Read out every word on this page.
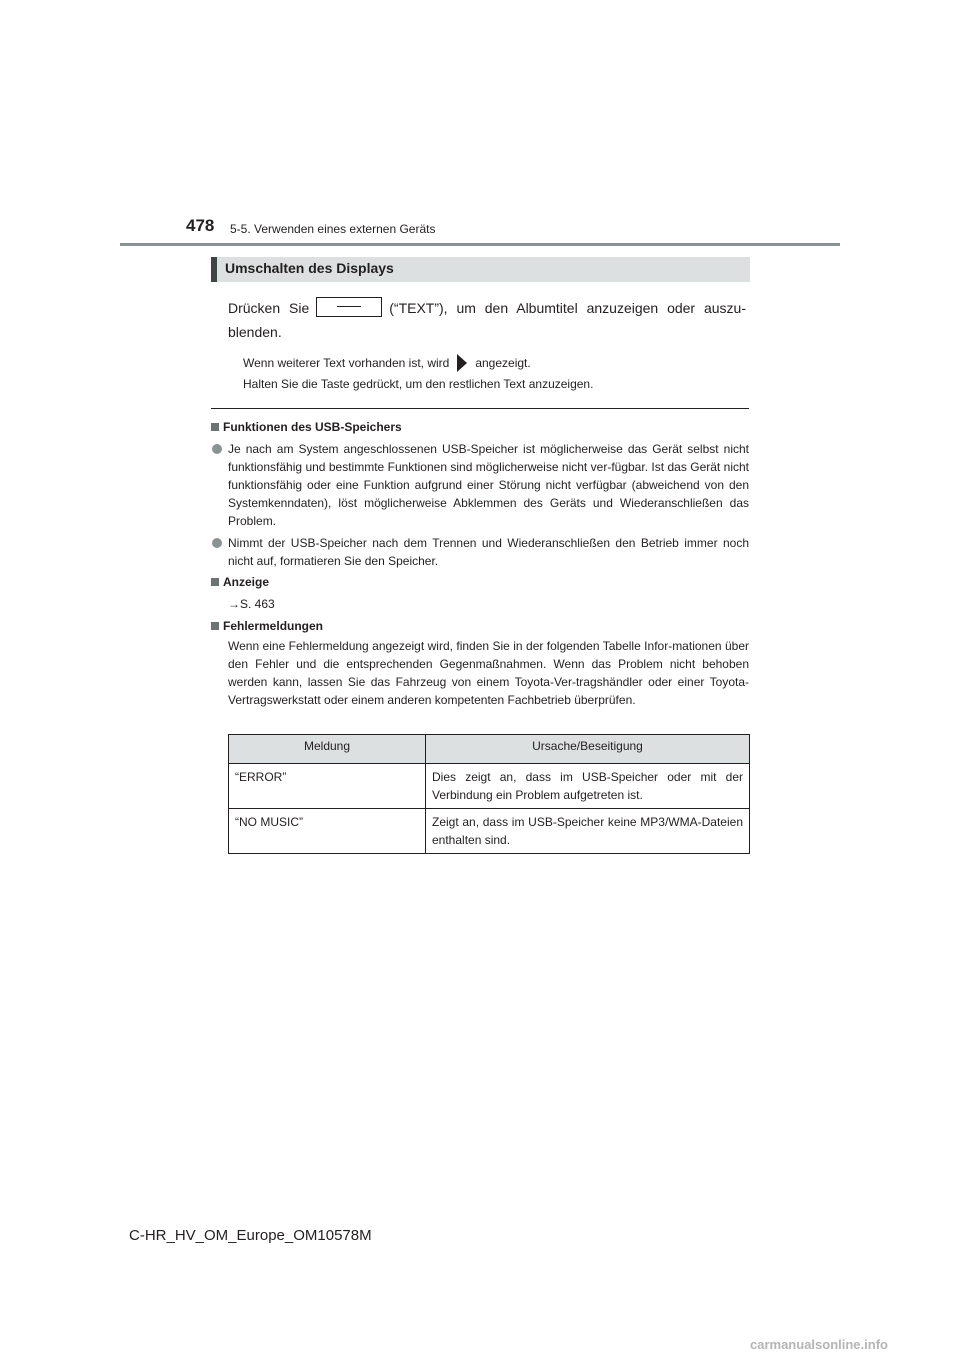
478 5-5. Verwenden eines externen Geräts
Umschalten des Displays
Drücken Sie	(“TEXT”), um den Albumtitel anzuzeigen oder auszu-blenden.
Wenn weiterer Text vorhanden ist, wird angezeigt.
Halten Sie die Taste gedrückt, um den restlichen Text anzuzeigen.
Funktionen des USB-Speichers
Je nach am System angeschlossenen USB-Speicher ist möglicherweise das Gerät selbst nicht funktionsfähig und bestimmte Funktionen sind möglicherweise nicht ver-fügbar. Ist das Gerät nicht funktionsfähig oder eine Funktion aufgrund einer Störung nicht verfügbar (abweichend von den Systemkenndaten), löst möglicherweise Abklemmen des Geräts und Wiederanschließen das Problem.
Nimmt der USB-Speicher nach dem Trennen und Wiederanschließen den Betrieb immer noch nicht auf, formatieren Sie den Speicher.
Anzeige
→S. 463
Fehlermeldungen
Wenn eine Fehlermeldung angezeigt wird, finden Sie in der folgenden Tabelle Infor-mationen über den Fehler und die entsprechenden Gegenmaßnahmen. Wenn das Problem nicht behoben werden kann, lassen Sie das Fahrzeug von einem Toyota-Ver-tragshändler oder einer Toyota-Vertragswerkstatt oder einem anderen kompetenten Fachbetrieb überprüfen.
Meldung	Ursache/Beseitigung
“ERROR”	Dies zeigt an, dass im USB-Speicher oder mit der Verbindung ein Problem aufgetreten ist.
“NO MUSIC”	Zeigt an, dass im USB-Speicher keine MP3/WMA-Dateien enthalten sind.
C-HR_HV_OM_Europe_OM10578M
carmanualsonline.info
